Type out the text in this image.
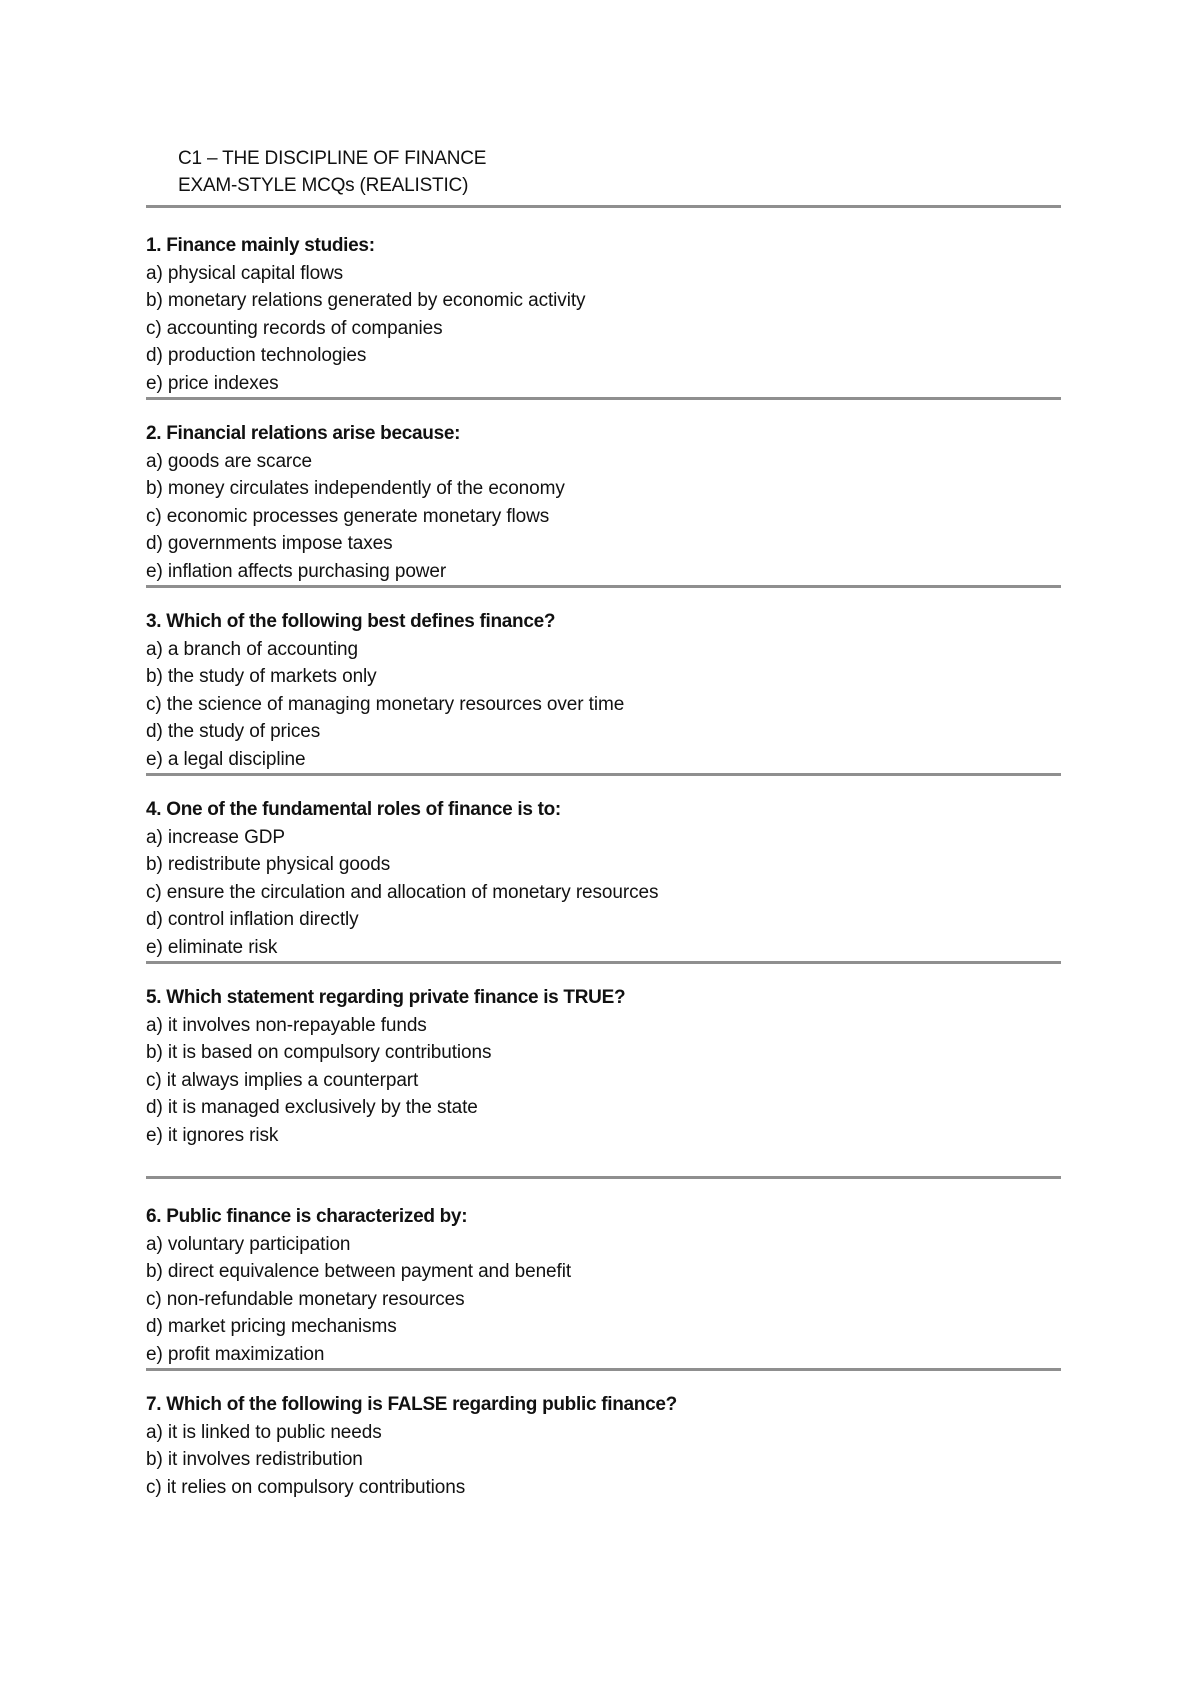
C1 – THE DISCIPLINE OF FINANCE
EXAM-STYLE MCQs (REALISTIC)
1. Finance mainly studies:
a) physical capital flows
b) monetary relations generated by economic activity
c) accounting records of companies
d) production technologies
e) price indexes
2. Financial relations arise because:
a) goods are scarce
b) money circulates independently of the economy
c) economic processes generate monetary flows
d) governments impose taxes
e) inflation affects purchasing power
3. Which of the following best defines finance?
a) a branch of accounting
b) the study of markets only
c) the science of managing monetary resources over time
d) the study of prices
e) a legal discipline
4. One of the fundamental roles of finance is to:
a) increase GDP
b) redistribute physical goods
c) ensure the circulation and allocation of monetary resources
d) control inflation directly
e) eliminate risk
5. Which statement regarding private finance is TRUE?
a) it involves non-repayable funds
b) it is based on compulsory contributions
c) it always implies a counterpart
d) it is managed exclusively by the state
e) it ignores risk
6. Public finance is characterized by:
a) voluntary participation
b) direct equivalence between payment and benefit
c) non-refundable monetary resources
d) market pricing mechanisms
e) profit maximization
7. Which of the following is FALSE regarding public finance?
a) it is linked to public needs
b) it involves redistribution
c) it relies on compulsory contributions
